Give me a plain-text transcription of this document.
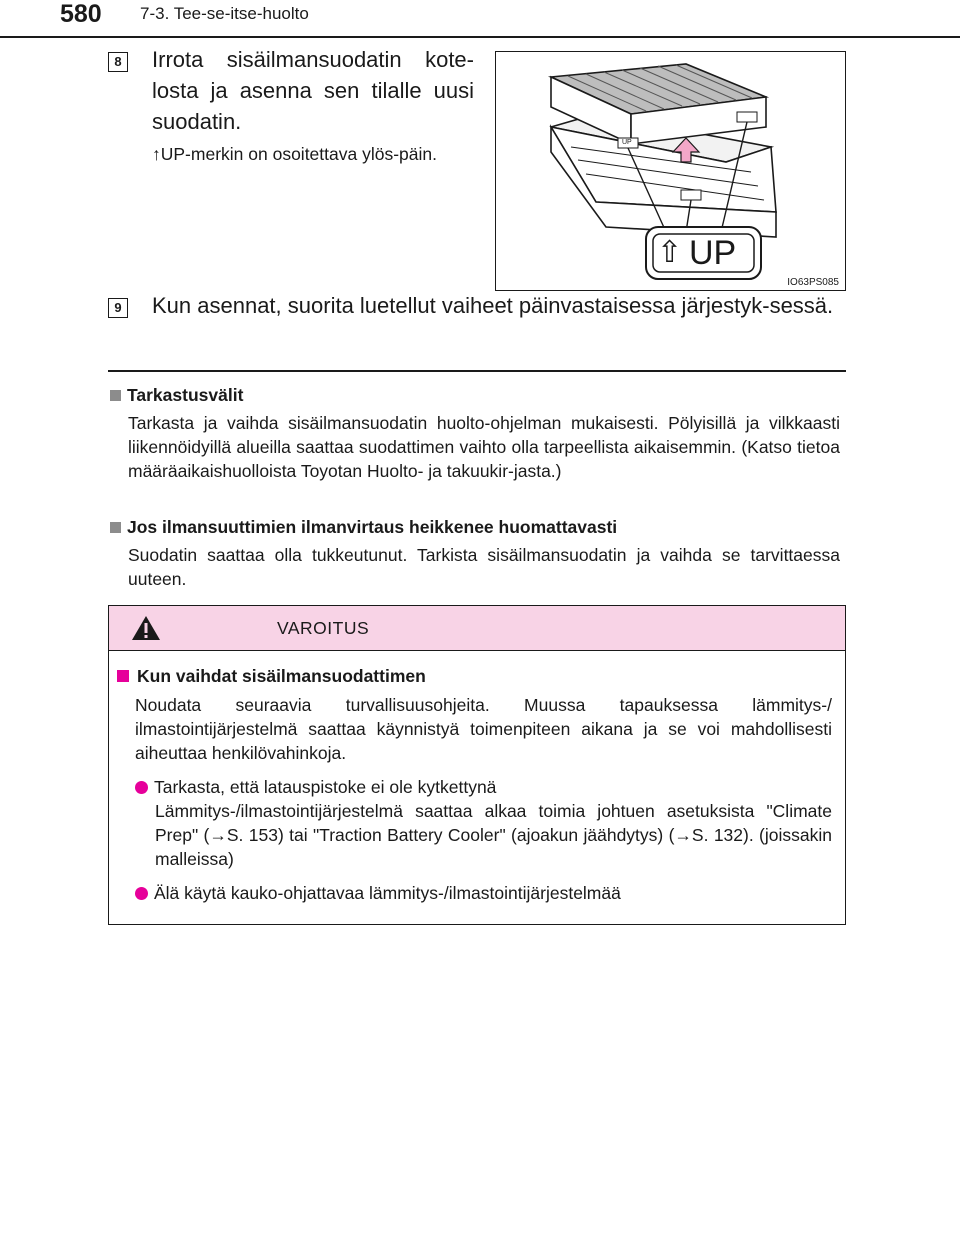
580 7-3. Tee-se-itse-huolto
8 Irrota sisäilmansuodatin kote-losta ja asenna sen tilalle uusi suodatin.
↑UP-merkin on osoitettava ylös-päin.
⇧ UP
UP
IO63PS085
9 Kun asennat, suorita luetellut vaiheet päinvastaisessa järjestyk-sessä.
Tarkastusvälit
Tarkasta ja vaihda sisäilmansuodatin huolto-ohjelman mukaisesti. Pölyisillä ja vilkkaasti liikennöidyillä alueilla saattaa suodattimen vaihto olla tarpeellista aikaisemmin. (Katso tietoa määräaikaishuolloista Toyotan Huolto- ja takuukir-jasta.)
Jos ilmansuuttimien ilmanvirtaus heikkenee huomattavasti
Suodatin saattaa olla tukkeutunut. Tarkista sisäilmansuodatin ja vaihda se tarvittaessa uuteen.
VAROITUS
Kun vaihdat sisäilmansuodattimen
Noudata seuraavia turvallisuusohjeita. Muussa tapauksessa lämmitys-/ ilmastointijärjestelmä saattaa käynnistyä toimenpiteen aikana ja se voi mahdollisesti aiheuttaa henkilövahinkoja.
Tarkasta, että latauspistoke ei ole kytkettynä
Lämmitys-/ilmastointijärjestelmä saattaa alkaa toimia johtuen asetuksista "Climate Prep" (→S. 153) tai "Traction Battery Cooler" (ajoakun jäähdytys) (→S. 132). (joissakin malleissa)
Älä käytä kauko-ohjattavaa lämmitys-/ilmastointijärjestelmää
